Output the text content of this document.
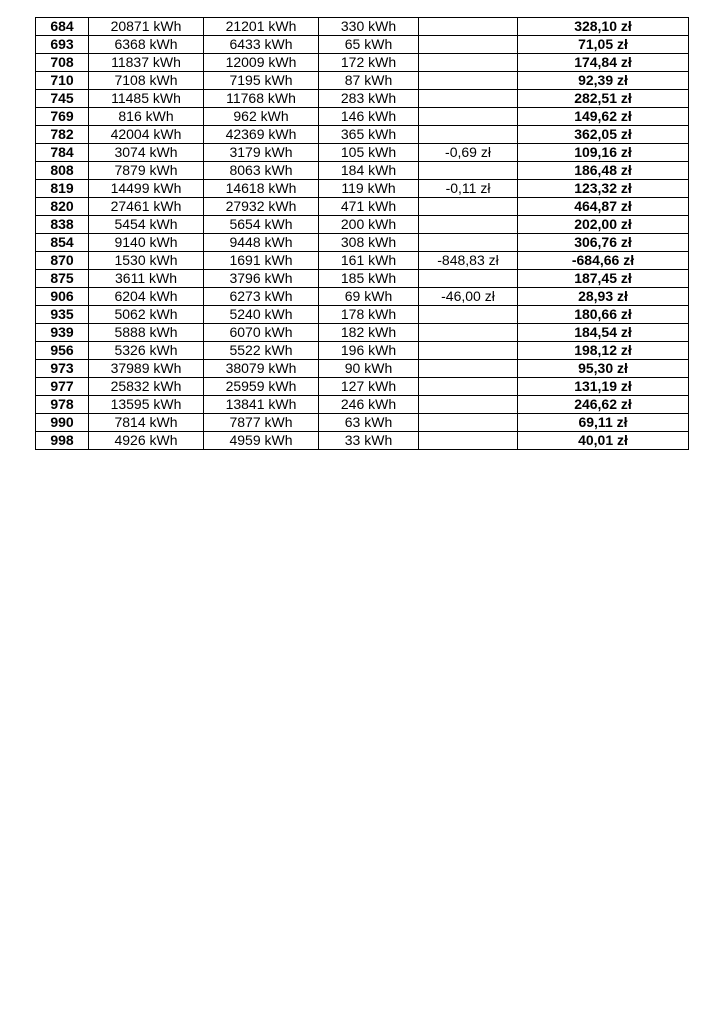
684	20871 kWh	21201 kWh	330 kWh		328,10 zł
693	6368 kWh	6433 kWh	65 kWh		71,05 zł
708	11837 kWh	12009 kWh	172 kWh		174,84 zł
710	7108 kWh	7195 kWh	87 kWh		92,39 zł
745	11485 kWh	11768 kWh	283 kWh		282,51 zł
769	816 kWh	962 kWh	146 kWh		149,62 zł
782	42004 kWh	42369 kWh	365 kWh		362,05 zł
784	3074 kWh	3179 kWh	105 kWh	-0,69 zł	109,16 zł
808	7879 kWh	8063 kWh	184 kWh		186,48 zł
819	14499 kWh	14618 kWh	119 kWh	-0,11 zł	123,32 zł
820	27461 kWh	27932 kWh	471 kWh		464,87 zł
838	5454 kWh	5654 kWh	200 kWh		202,00 zł
854	9140 kWh	9448 kWh	308 kWh		306,76 zł
870	1530 kWh	1691 kWh	161 kWh	-848,83 zł	-684,66 zł
875	3611 kWh	3796 kWh	185 kWh		187,45 zł
906	6204 kWh	6273 kWh	69 kWh	-46,00 zł	28,93 zł
935	5062 kWh	5240 kWh	178 kWh		180,66 zł
939	5888 kWh	6070 kWh	182 kWh		184,54 zł
956	5326 kWh	5522 kWh	196 kWh		198,12 zł
973	37989 kWh	38079 kWh	90 kWh		95,30 zł
977	25832 kWh	25959 kWh	127 kWh		131,19 zł
978	13595 kWh	13841 kWh	246 kWh		246,62 zł
990	7814 kWh	7877 kWh	63 kWh		69,11 zł
998	4926 kWh	4959 kWh	33 kWh		40,01 zł
